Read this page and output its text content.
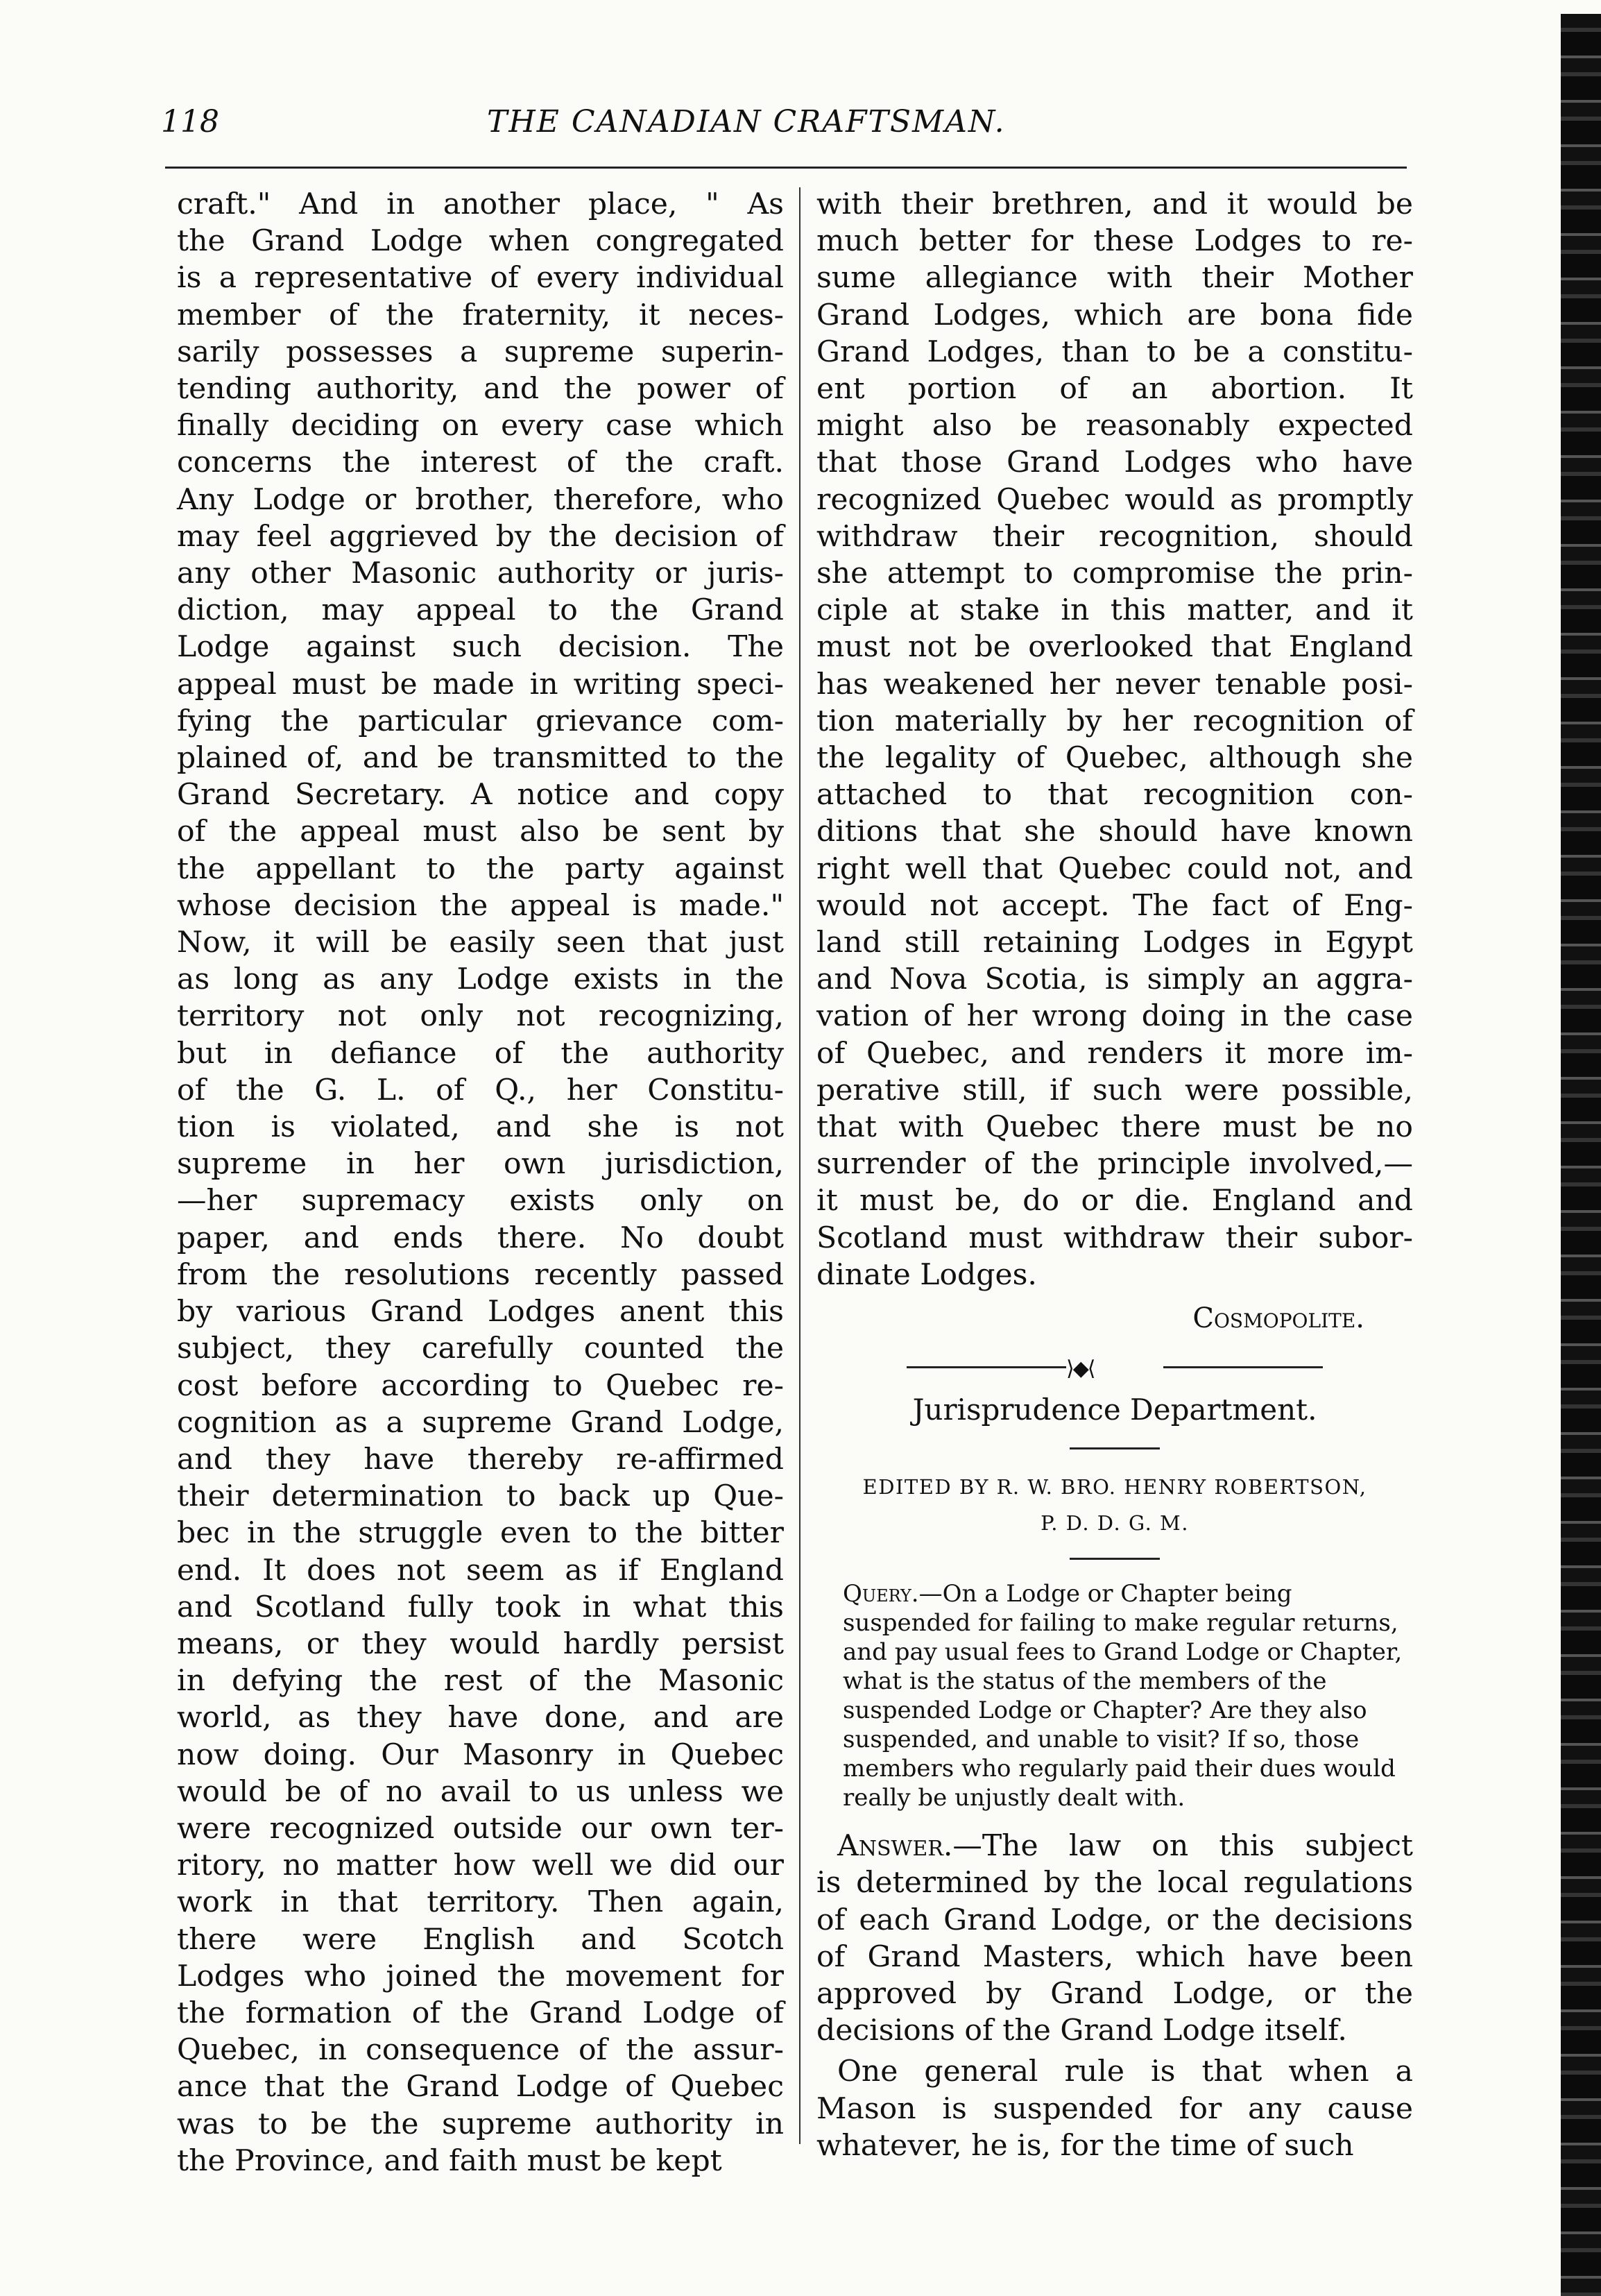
118	THE CANADIAN CRAFTSMAN.
craft." And in another place, " As
the Grand Lodge when congregated
is a representative of every individual
member of the fraternity, it neces-
sarily possesses a supreme superin-
tending authority, and the power of
finally deciding on every case which
concerns the interest of the craft.
Any Lodge or brother, therefore, who
may feel aggrieved by the decision of
any other Masonic authority or juris-
diction, may appeal to the Grand
Lodge against such decision. The
appeal must be made in writing speci-
fying the particular grievance com-
plained of, and be transmitted to the
Grand Secretary. A notice and copy
of the appeal must also be sent by
the appellant to the party against
whose decision the appeal is made."
Now, it will be easily seen that just
as long as any Lodge exists in the
territory not only not recognizing,
but in defiance of the authority
of the G. L. of Q., her Constitu-
tion is violated, and she is not
supreme in her own jurisdiction,
—her supremacy exists only on
paper, and ends there. No doubt
from the resolutions recently passed
by various Grand Lodges anent this
subject, they carefully counted the
cost before according to Quebec re-
cognition as a supreme Grand Lodge,
and they have thereby re-affirmed
their determination to back up Que-
bec in the struggle even to the bitter
end. It does not seem as if England
and Scotland fully took in what this
means, or they would hardly persist
in defying the rest of the Masonic
world, as they have done, and are
now doing. Our Masonry in Quebec
would be of no avail to us unless we
were recognized outside our own ter-
ritory, no matter how well we did our
work in that territory. Then again,
there were English and Scotch
Lodges who joined the movement for
the formation of the Grand Lodge of
Quebec, in consequence of the assur-
ance that the Grand Lodge of Quebec
was to be the supreme authority in
the Province, and faith must be kept
with their brethren, and it would be
much better for these Lodges to re-
sume allegiance with their Mother
Grand Lodges, which are bona fide
Grand Lodges, than to be a constitu-
ent portion of an abortion. It
might also be reasonably expected
that those Grand Lodges who have
recognized Quebec would as promptly
withdraw their recognition, should
she attempt to compromise the prin-
ciple at stake in this matter, and it
must not be overlooked that England
has weakened her never tenable posi-
tion materially by her recognition of
the legality of Quebec, although she
attached to that recognition con-
ditions that she should have known
right well that Quebec could not, and
would not accept. The fact of Eng-
land still retaining Lodges in Egypt
and Nova Scotia, is simply an aggra-
vation of her wrong doing in the case
of Quebec, and renders it more im-
perative still, if such were possible,
that with Quebec there must be no
surrender of the principle involved,—
it must be, do or die. England and
Scotland must withdraw their subor-
dinate Lodges.
Cosmopolite.
⟩◆⟨
Jurisprudence Department.
EDITED BY R. W. BRO. HENRY ROBERTSON,
P. D. D. G. M.
Query.—On a Lodge or Chapter being suspended for failing to make regular returns, and pay usual fees to Grand Lodge or Chapter, what is the status of the members of the suspended Lodge or Chapter? Are they also suspended, and unable to visit? If so, those members who regularly paid their dues would really be unjustly dealt with.
Answer.—The law on this subject
is determined by the local regulations
of each Grand Lodge, or the decisions
of Grand Masters, which have been
approved by Grand Lodge, or the
decisions of the Grand Lodge itself.
One general rule is that when a
Mason is suspended for any cause
whatever, he is, for the time of such
